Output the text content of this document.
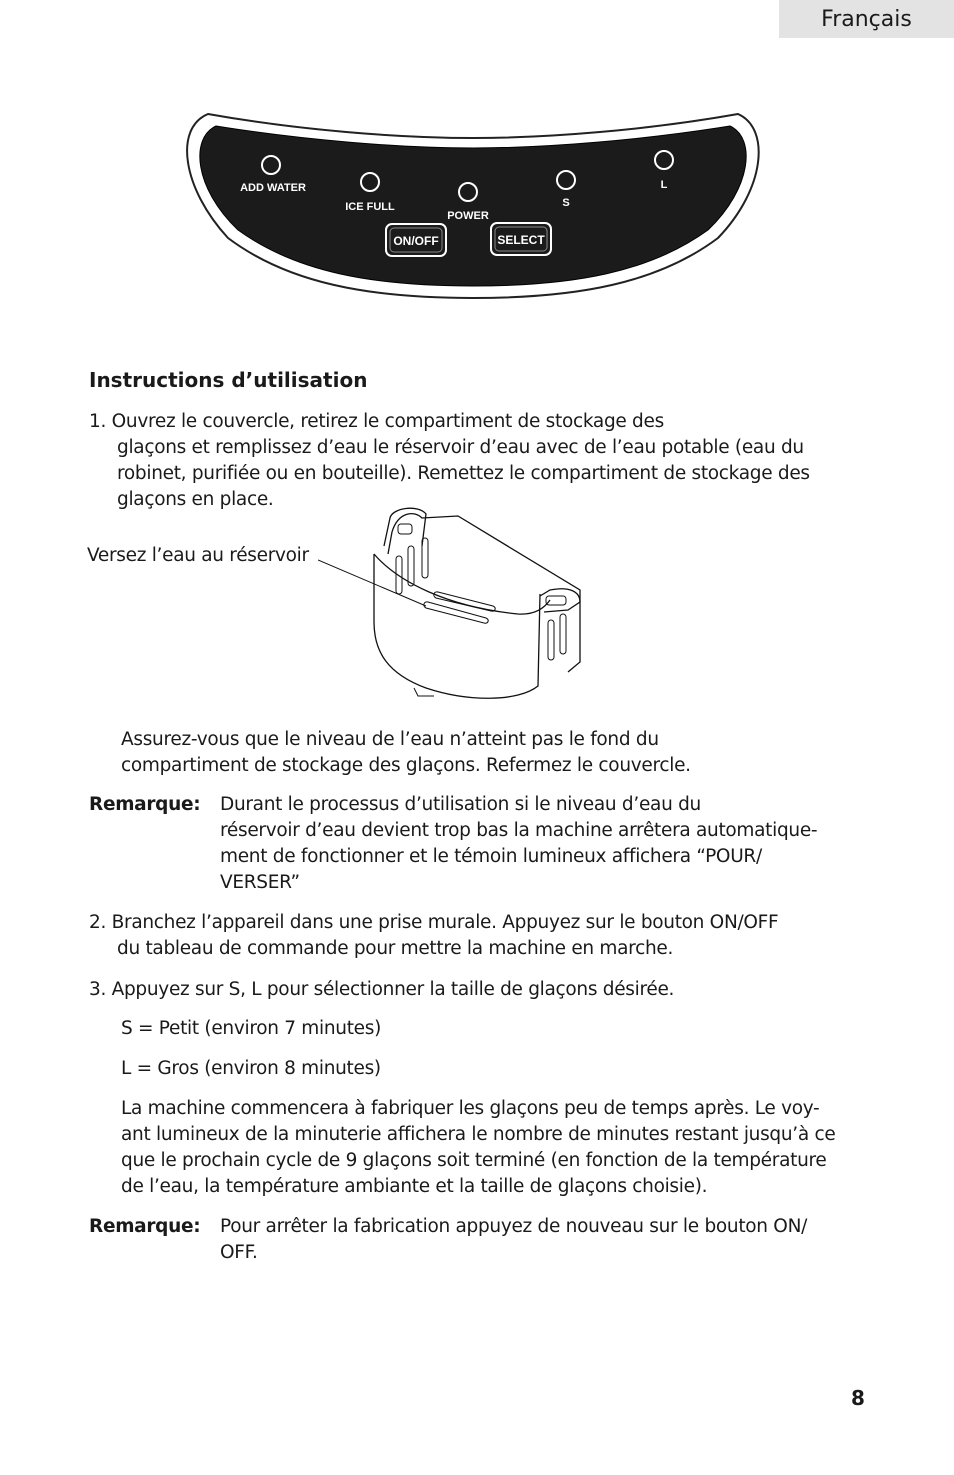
Français
ADD WATER
ICE FULL
POWER
S
L
ON/OFF	SELECT
Instructions d’utilisation
1. Ouvrez le couvercle, retirez le compartiment de stockage des
glaçons et remplissez d’eau le réservoir d’eau avec de l’eau potable (eau du
robinet, purifiée ou en bouteille). Remettez le compartiment de stockage des
glaçons en place.
Versez l’eau au réservoir
Assurez-vous que le niveau de l’eau n’atteint pas le fond du
compartiment de stockage des glaçons. Refermez le couvercle.
Remarque: Durant le processus d’utilisation si le niveau d’eau du
réservoir d’eau devient trop bas la machine arrêtera automatique-
ment de fonctionner et le témoin lumineux affichera “POUR/
VERSER”
2. Branchez l’appareil dans une prise murale. Appuyez sur le bouton ON/OFF
du tableau de commande pour mettre la machine en marche.
3. Appuyez sur S, L pour sélectionner la taille de glaçons désirée.
S = Petit (environ 7 minutes)
L = Gros (environ 8 minutes)
La machine commencera à fabriquer les glaçons peu de temps après. Le voy-
ant lumineux de la minuterie affichera le nombre de minutes restant jusqu’à ce
que le prochain cycle de 9 glaçons soit terminé (en fonction de la température
de l’eau, la température ambiante et la taille de glaçons choisie).
Remarque: Pour arrêter la fabrication appuyez de nouveau sur le bouton ON/
OFF.
8
